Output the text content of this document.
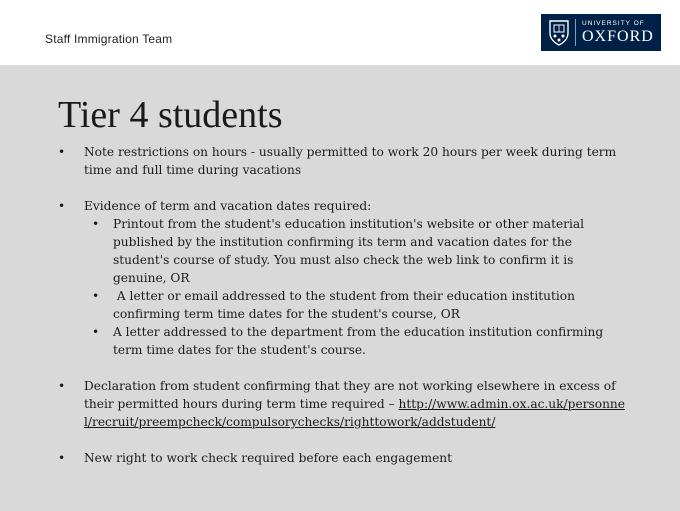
Staff Immigration Team
UNIVERSITY OF
OXFORD
Tier 4 students
• Note restrictions on hours - usually permitted to work 20 hours per week during term time and full time during vacations
• Evidence of term and vacation dates required:
• Printout from the student's education institution's website or other material published by the institution confirming its term and vacation dates for the student's course of study. You must also check the web link to confirm it is genuine, OR
• A letter or email addressed to the student from their education institution confirming term time dates for the student's course, OR
• A letter addressed to the department from the education institution confirming term time dates for the student's course.
• Declaration from student confirming that they are not working elsewhere in excess of their permitted hours during term time required – http://www.admin.ox.ac.uk/personnel/recruit/preempcheck/compulsorychecks/righttowork/addstudent/
• New right to work check required before each engagement
